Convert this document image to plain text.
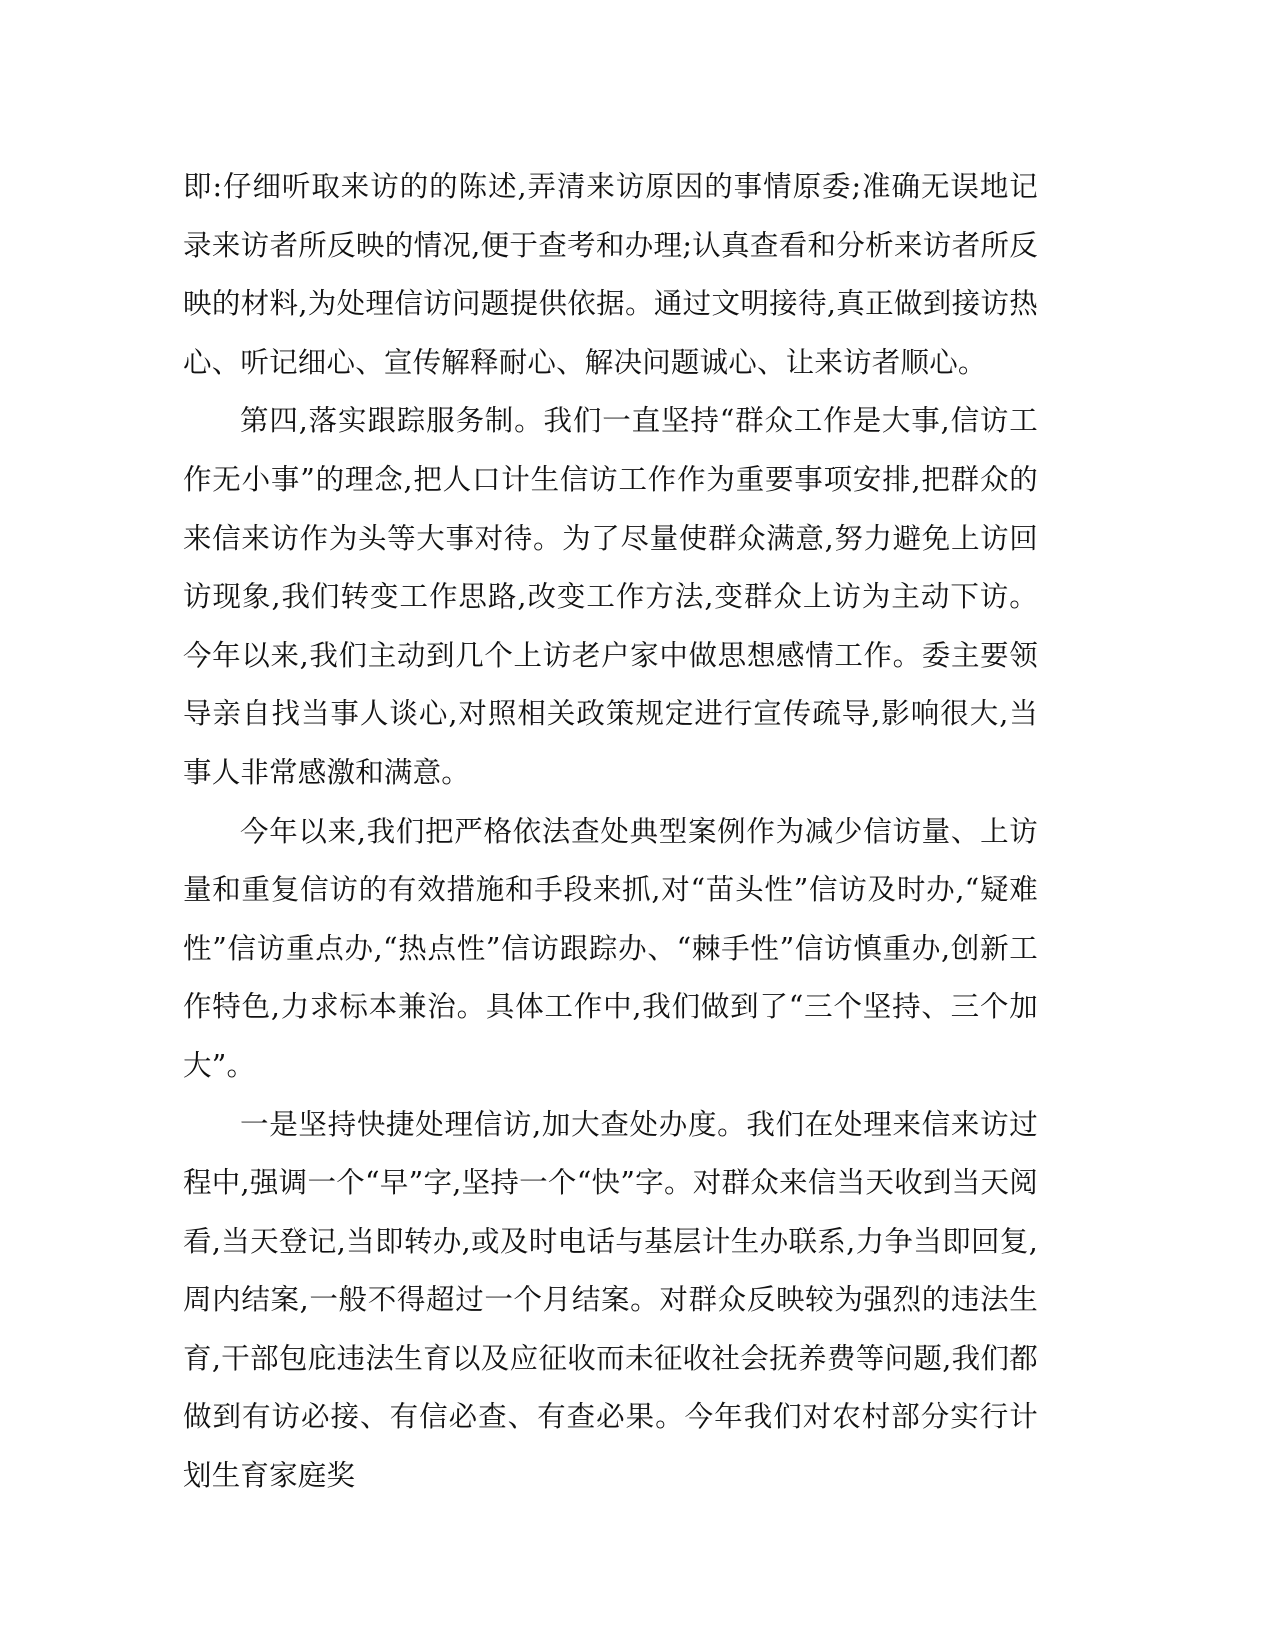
即:仔细听取来访的的陈述,弄清来访原因的事情原委;准确无误地记录来访者所反映的情况,便于查考和办理;认真查看和分析来访者所反映的材料,为处理信访问题提供依据。通过文明接待,真正做到接访热心、听记细心、宣传解释耐心、解决问题诚心、让来访者顺心。

第四,落实跟踪服务制。我们一直坚持“群众工作是大事,信访工作无小事”的理念,把人口计生信访工作作为重要事项安排,把群众的来信来访作为头等大事对待。为了尽量使群众满意,努力避免上访回访现象,我们转变工作思路,改变工作方法,变群众上访为主动下访。今年以来,我们主动到几个上访老户家中做思想感情工作。委主要领导亲自找当事人谈心,对照相关政策规定进行宣传疏导,影响很大,当事人非常感激和满意。

今年以来,我们把严格依法查处典型案例作为减少信访量、上访量和重复信访的有效措施和手段来抓,对“苗头性”信访及时办,“疑难性”信访重点办,“热点性”信访跟踪办、“棘手性”信访慎重办,创新工作特色,力求标本兼治。具体工作中,我们做到了“三个坚持、三个加大”。

一是坚持快捷处理信访,加大查处办度。我们在处理来信来访过程中,强调一个“早”字,坚持一个“快”字。对群众来信当天收到当天阅看,当天登记,当即转办,或及时电话与基层计生办联系,力争当即回复,周内结案,一般不得超过一个月结案。对群众反映较为强烈的违法生育,干部包庇违法生育以及应征收而未征收社会抚养费等问题,我们都做到有访必接、有信必查、有查必果。今年我们对农村部分实行计划生育家庭奖
